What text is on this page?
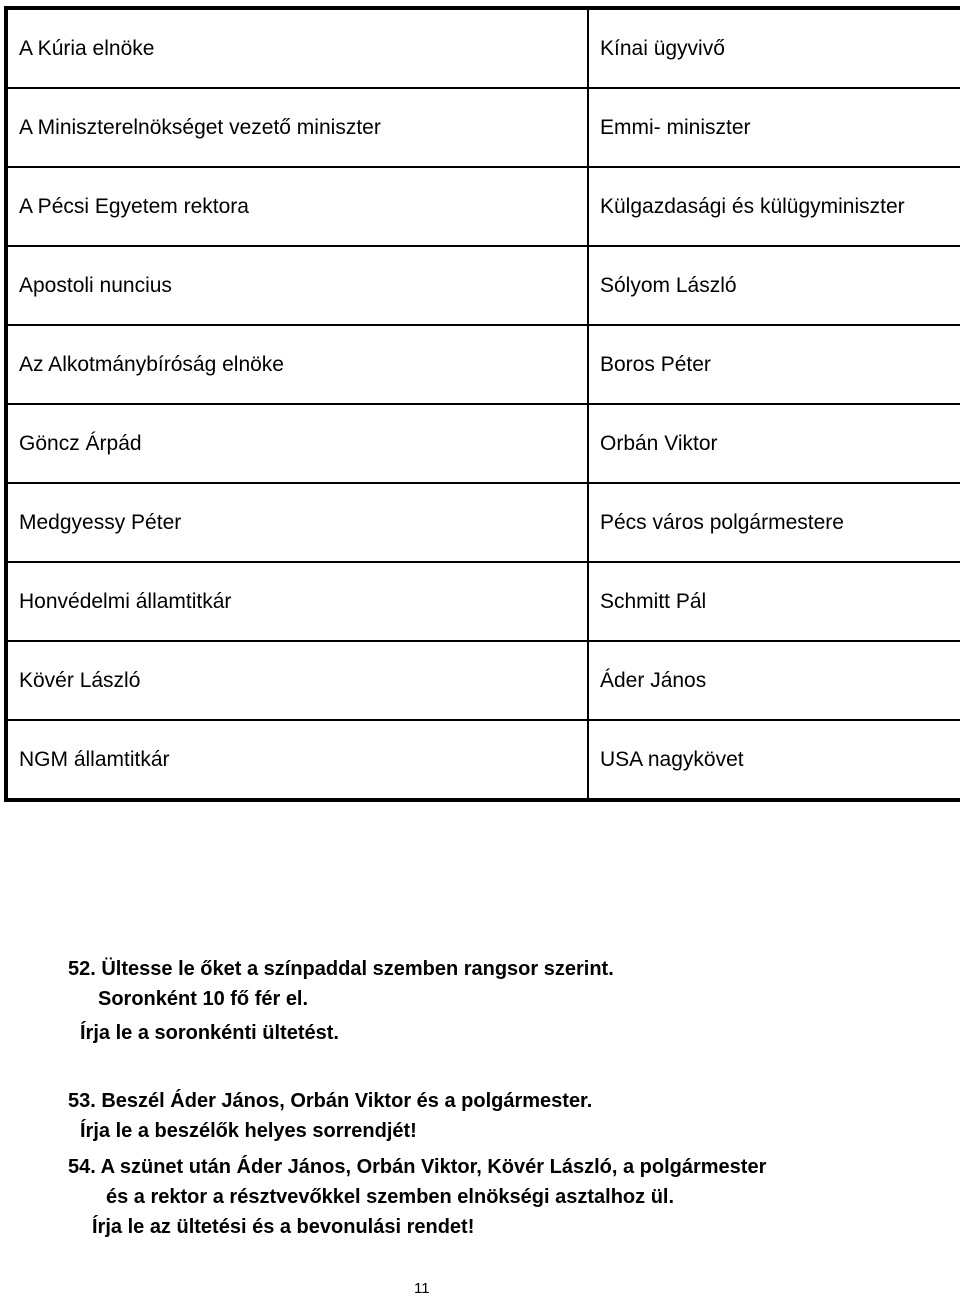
A Kúria elnöke	Kínai ügyvivő
A Miniszterelnökséget vezető miniszter	Emmi- miniszter
A Pécsi Egyetem rektora	Külgazdasági és külügyminiszter
Apostoli nuncius	Sólyom László
Az Alkotmánybíróság elnöke	Boros Péter
Göncz Árpád	Orbán Viktor
Medgyessy Péter	Pécs város polgármestere
Honvédelmi államtitkár	Schmitt Pál
Kövér László	Áder János
NGM államtitkár	USA nagykövet
52. Ültesse le őket a színpaddal szemben rangsor szerint.
Soronként 10 fő fér el.
Írja le a soronkénti ültetést.
53. Beszél Áder János, Orbán Viktor és a polgármester.
Írja le a beszélők helyes sorrendjét!
54. A szünet után Áder János, Orbán Viktor, Kövér László, a polgármester
és a rektor a résztvevőkkel szemben elnökségi asztalhoz ül.
Írja le az ültetési és a bevonulási rendet!
11
